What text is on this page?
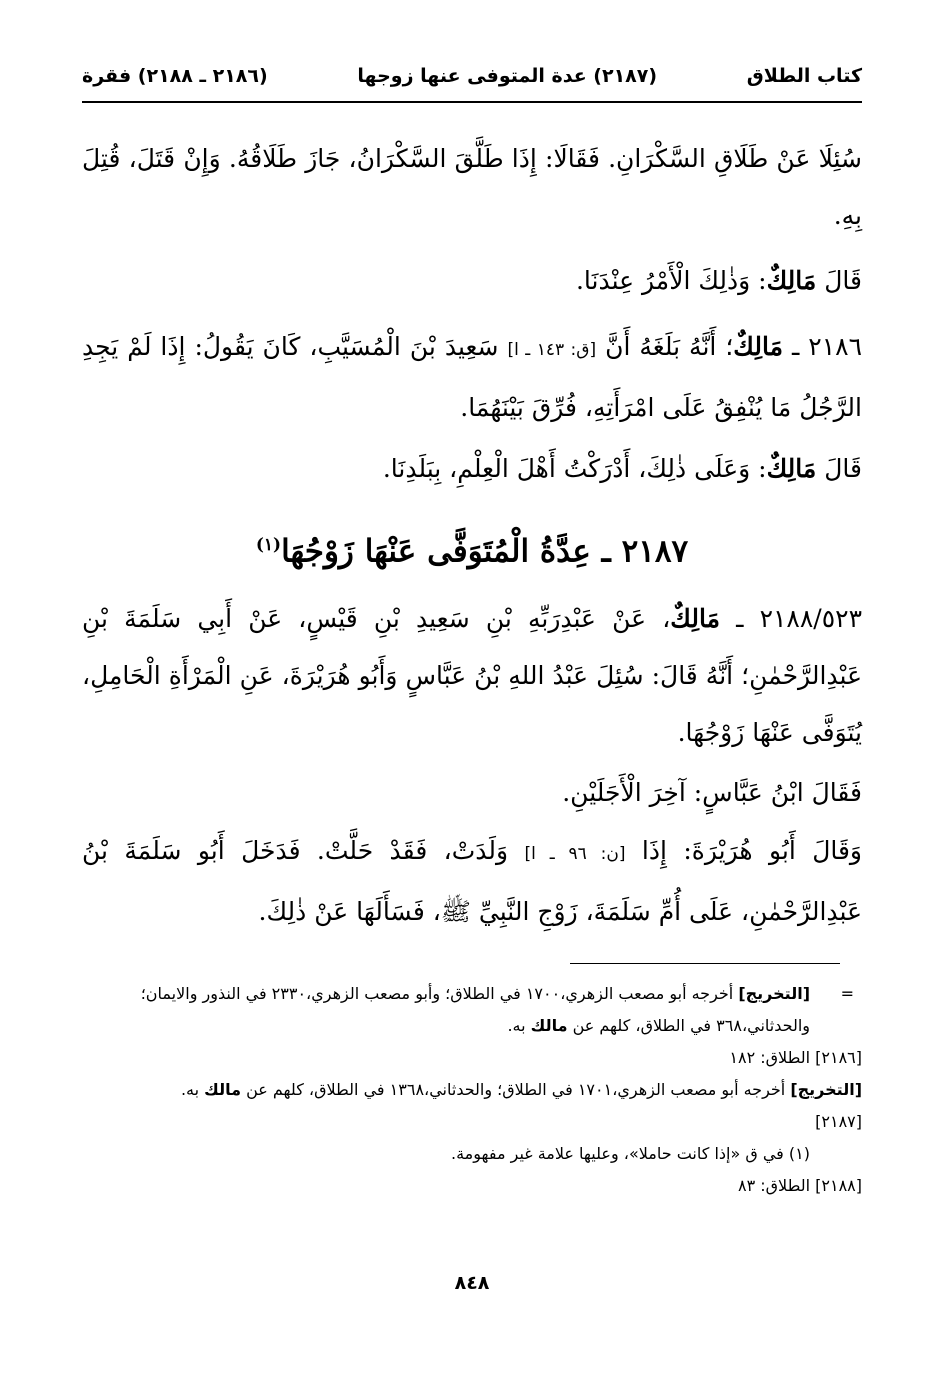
كتاب الطلاق
(٢١٨٧) عدة المتوفى عنها زوجها
(٢١٨٦ ـ ٢١٨٨) فقرة
سُئِلَا عَنْ طَلَاقِ السَّكْرَانِ. فَقَالَا: إِذَا طَلَّقَ السَّكْرَانُ، جَازَ طَلَاقُهُ. وَإِنْ قَتَلَ، قُتِلَ بِهِ.
قَالَ مَالِكٌ: وَذٰلِكَ الْأَمْرُ عِنْدَنَا.
٢١٨٦ ـ مَالِكٌ؛ أَنَّهُ بَلَغَهُ أَنَّ [ق: ١٤٣ ـ ا] سَعِيدَ بْنَ الْمُسَيَّبِ، كَانَ يَقُولُ: إِذَا لَمْ يَجِدِ الرَّجُلُ مَا يُنْفِقُ عَلَى امْرَأَتِهِ، فُرِّقَ بَيْنَهُمَا.
قَالَ مَالِكٌ: وَعَلَى ذٰلِكَ، أَدْرَكْتُ أَهْلَ الْعِلْمِ، بِبَلَدِنَا.
٢١٨٧ ـ عِدَّةُ الْمُتَوَفَّى عَنْهَا زَوْجُهَا$^{(١)}$
٢١٨٨/٥٢٣ ـ مَالِكٌ، عَنْ عَبْدِرَبِّهِ بْنِ سَعِيدِ بْنِ قَيْسٍ، عَنْ أَبِي سَلَمَةَ بْنِ عَبْدِالرَّحْمٰنِ؛ أَنَّهُ قَالَ: سُئِلَ عَبْدُ اللهِ بْنُ عَبَّاسٍ وَأَبُو هُرَيْرَةَ، عَنِ الْمَرْأَةِ الْحَامِلِ، يُتَوَفَّى عَنْهَا زَوْجُهَا.
فَقَالَ ابْنُ عَبَّاسٍ: آخِرَ الْأَجَلَيْنِ.
وَقَالَ أَبُو هُرَيْرَةَ: إِذَا [ن: ٩٦ ـ ا] وَلَدَتْ، فَقَدْ حَلَّتْ. فَدَخَلَ أَبُو سَلَمَةَ بْنُ عَبْدِالرَّحْمٰنِ، عَلَى أُمِّ سَلَمَةَ، زَوْجِ النَّبِيِّ ﷺ، فَسَأَلَهَا عَنْ ذٰلِكَ.
=
[التخريج] أخرجه أبو مصعب الزهري،١٧٠٠ في الطلاق؛ وأبو مصعب الزهري،٢٣٣٠ في النذور والايمان؛ والحدثاني،٣٦٨ في الطلاق، كلهم عن مالك به.
[٢١٨٦] الطلاق: ١٨٢
[التخريج] أخرجه أبو مصعب الزهري،١٧٠١ في الطلاق؛ والحدثاني،١٣٦٨ في الطلاق، كلهم عن مالك به.
[٢١٨٧]
(١) في ق «إذا كانت حاملا»، وعليها علامة غير مفهومة.
[٢١٨٨] الطلاق: ٨٣
٨٤٨
